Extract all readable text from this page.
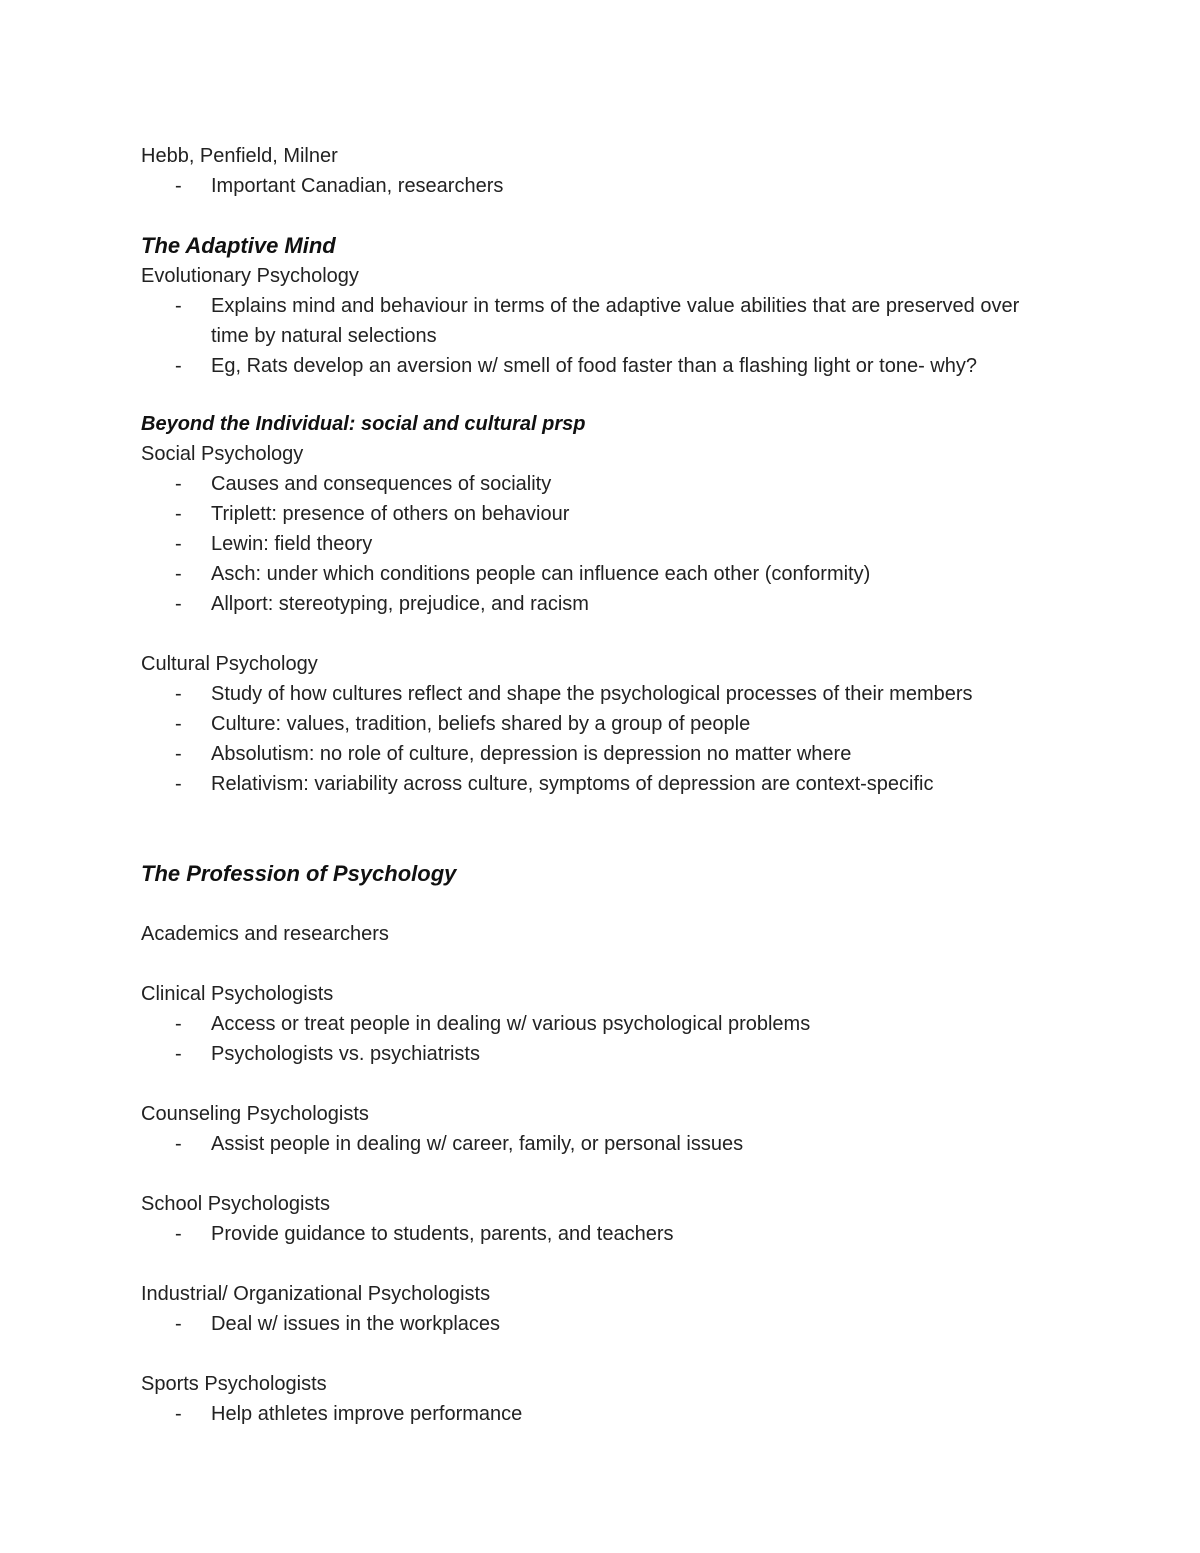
Hebb, Penfield, Milner
- Important Canadian, researchers
The Adaptive Mind
Evolutionary Psychology
- Explains mind and behaviour in terms of the adaptive value abilities that are preserved over time by natural selections
- Eg, Rats develop an aversion w/ smell of food faster than a flashing light or tone- why?
Beyond the Individual: social and cultural prsp
Social Psychology
- Causes and consequences of sociality
- Triplett: presence of others on behaviour
- Lewin: field theory
- Asch: under which conditions people can influence each other (conformity)
- Allport: stereotyping, prejudice, and racism
Cultural Psychology
- Study of how cultures reflect and shape the psychological processes of their members
- Culture: values, tradition, beliefs shared by a group of people
- Absolutism: no role of culture, depression is depression no matter where
- Relativism: variability across culture, symptoms of depression are context-specific
The Profession of Psychology
Academics and researchers
Clinical Psychologists
- Access or treat people in dealing w/ various psychological problems
- Psychologists vs. psychiatrists
Counseling Psychologists
- Assist people in dealing w/ career, family, or personal issues
School Psychologists
- Provide guidance to students, parents, and teachers
Industrial/ Organizational Psychologists
- Deal w/ issues in the workplaces
Sports Psychologists
- Help athletes improve performance
